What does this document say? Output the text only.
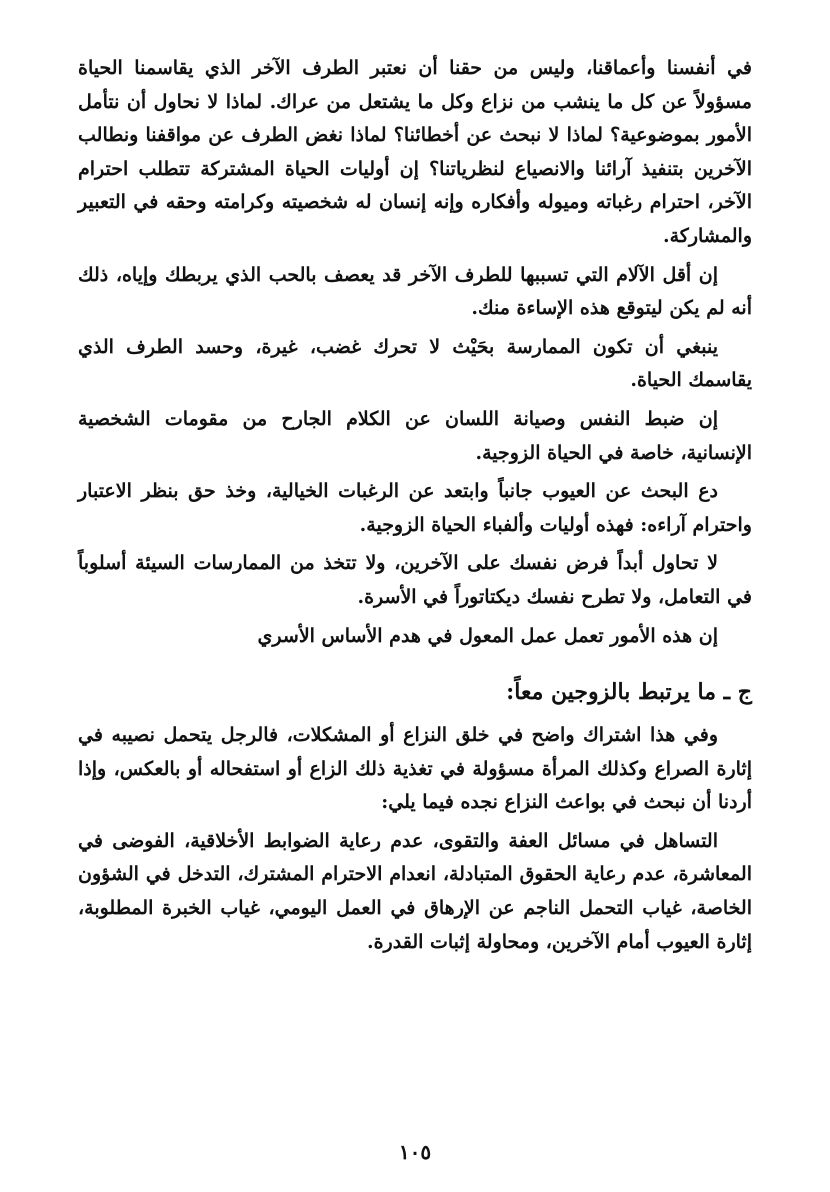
في أنفسنا وأعماقنا، وليس من حقنا أن نعتبر الطرف الآخر الذي يقاسمنا الحياة مسؤولاً عن كل ما ينشب من نزاع وكل ما يشتعل من عراك. لماذا لا نحاول أن نتأمل الأمور بموضوعية؟ لماذا لا نبحث عن أخطائنا؟ لماذا نغض الطرف عن مواقفنا ونطالب الآخرين بتنفيذ آرائنا والانصياع لنظرياتنا؟ إن أوليات الحياة المشتركة تتطلب احترام الآخر، احترام رغباته وميوله وأفكاره وإنه إنسان له شخصيته وكرامته وحقه في التعبير والمشاركة.

إن أقل الآلام التي تسببها للطرف الآخر قد يعصف بالحب الذي يربطك وإياه، ذلك أنه لم يكن ليتوقع هذه الإساءة منك.

ينبغي أن تكون الممارسة بحَيْث لا تحرك غضب، غيرة، وحسد الطرف الذي يقاسمك الحياة.

إن ضبط النفس وصيانة اللسان عن الكلام الجارح من مقومات الشخصية الإنسانية، خاصة في الحياة الزوجية.

دع البحث عن العيوب جانباً وابتعد عن الرغبات الخيالية، وخذ حق بنظر الاعتبار واحترام آراءه: فهذه أوليات وألفباء الحياة الزوجية.

لا تحاول أبداً فرض نفسك على الآخرين، ولا تتخذ من الممارسات السيئة أسلوباً في التعامل، ولا تطرح نفسك ديكتاتوراً في الأسرة.

إن هذه الأمور تعمل عمل المعول في هدم الأساس الأسري

ج ـ ما يرتبط بالزوجين معاً:

وفي هذا اشتراك واضح في خلق النزاع أو المشكلات، فالرجل يتحمل نصيبه في إثارة الصراع وكذلك المرأة مسؤولة في تغذية ذلك الزاع أو استفحاله أو بالعكس، وإذا أردنا أن نبحث في بواعث النزاع نجده فيما يلي:

التساهل في مسائل العفة والتقوى، عدم رعاية الضوابط الأخلاقية، الفوضى في المعاشرة، عدم رعاية الحقوق المتبادلة، انعدام الاحترام المشترك، التدخل في الشؤون الخاصة، غياب التحمل الناجم عن الإرهاق في العمل اليومي، غياب الخبرة المطلوبة، إثارة العيوب أمام الآخرين، ومحاولة إثبات القدرة.

١٠٥
